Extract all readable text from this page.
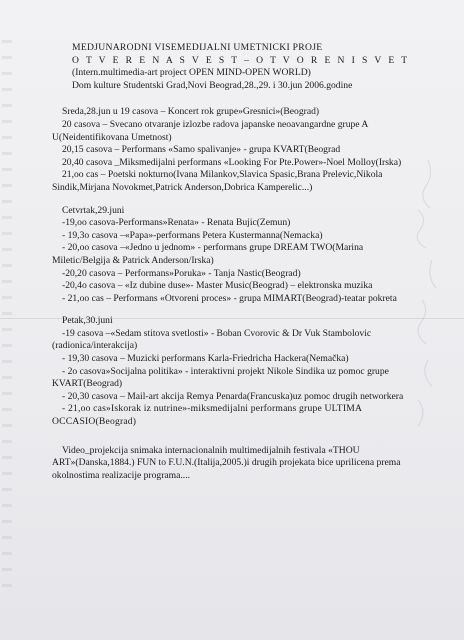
MEDJUNARODNI VISEMEDIJALNI UMETNICKI PROJE
O T V E R E N A S V E S T – O T V O R E N I S V E T
(Intern.multimedia-art project OPEN MIND-OPEN WORLD)
Dom kulture Studentski Grad,Novi Beograd,28.,29. i 30.jun 2006.godine
Sreda,28.jun u 19 casova – Koncert rok grupe»Gresnici»(Beograd)
20 casova – Svecano otvaranje izlozbe radova japanske neoavangardne grupe A U(Neidentifikovana Umetnost)
20,15 casova – Performans «Samo spalivanje» - grupa KVART(Beograd
20,40 casova _Miksmedijalni performans «Looking For Pte.Power»-Noel Molloy(Irska)
21,oo cas – Poetski nokturno(Ivana Milankov,Slavica Spasic,Brana Prelevic,Nikola Sindik,Mirjana Novokmet,Patrick Anderson,Dobrica Kamperelic...)
Cetvrtak,29.juni
-19,oo casova-Performans»Renata» - Renata Bujic(Zemun)
- 19,3o casova –«Papa»-performans Petera Kustermanna(Nemacka)
- 20,oo casova –«Jedno u jednom» - performans grupe DREAM TWO(Marina Miletic/Belgija & Patrick Anderson/Irska)
-20,20 casova – Performans»Poruka» - Tanja Nastic(Beograd)
-20,4o casova – «Iz dubine duse»- Master Music(Beograd) – elektronska muzika
- 21,oo cas – Performans «Otvoreni proces» - grupa MIMART(Beograd)-teatar pokreta
Petak,30.juni
-19 casova –«Sedam stitova svetlosti» - Boban Cvorovic & Dr Vuk Stambolovic (radionica/interakcija)
- 19,30 casova – Muzicki performans Karla-Friedricha Hackera(Nemačka)
- 2o casova»Socijalna politika» - interaktivni projekt Nikole Sindika uz pomoc grupe KVART(Beograd)
- 20,30 casova – Mail-art akcija Remya Penarda(Francuska)uz pomoc drugih networkera
- 21,oo cas»Iskorak iz nutrine»-miksmedijalni performans grupe ULTIMA OCCASIO(Beograd)
Video_projekcija snimaka internacionalnih multimedijalnih festivala «THOU ART»(Danska,1884.) FUN to F.U.N.(Italija,2005.)i drugih projekata bice uprilicena prema okolnostima realizacije programa....
